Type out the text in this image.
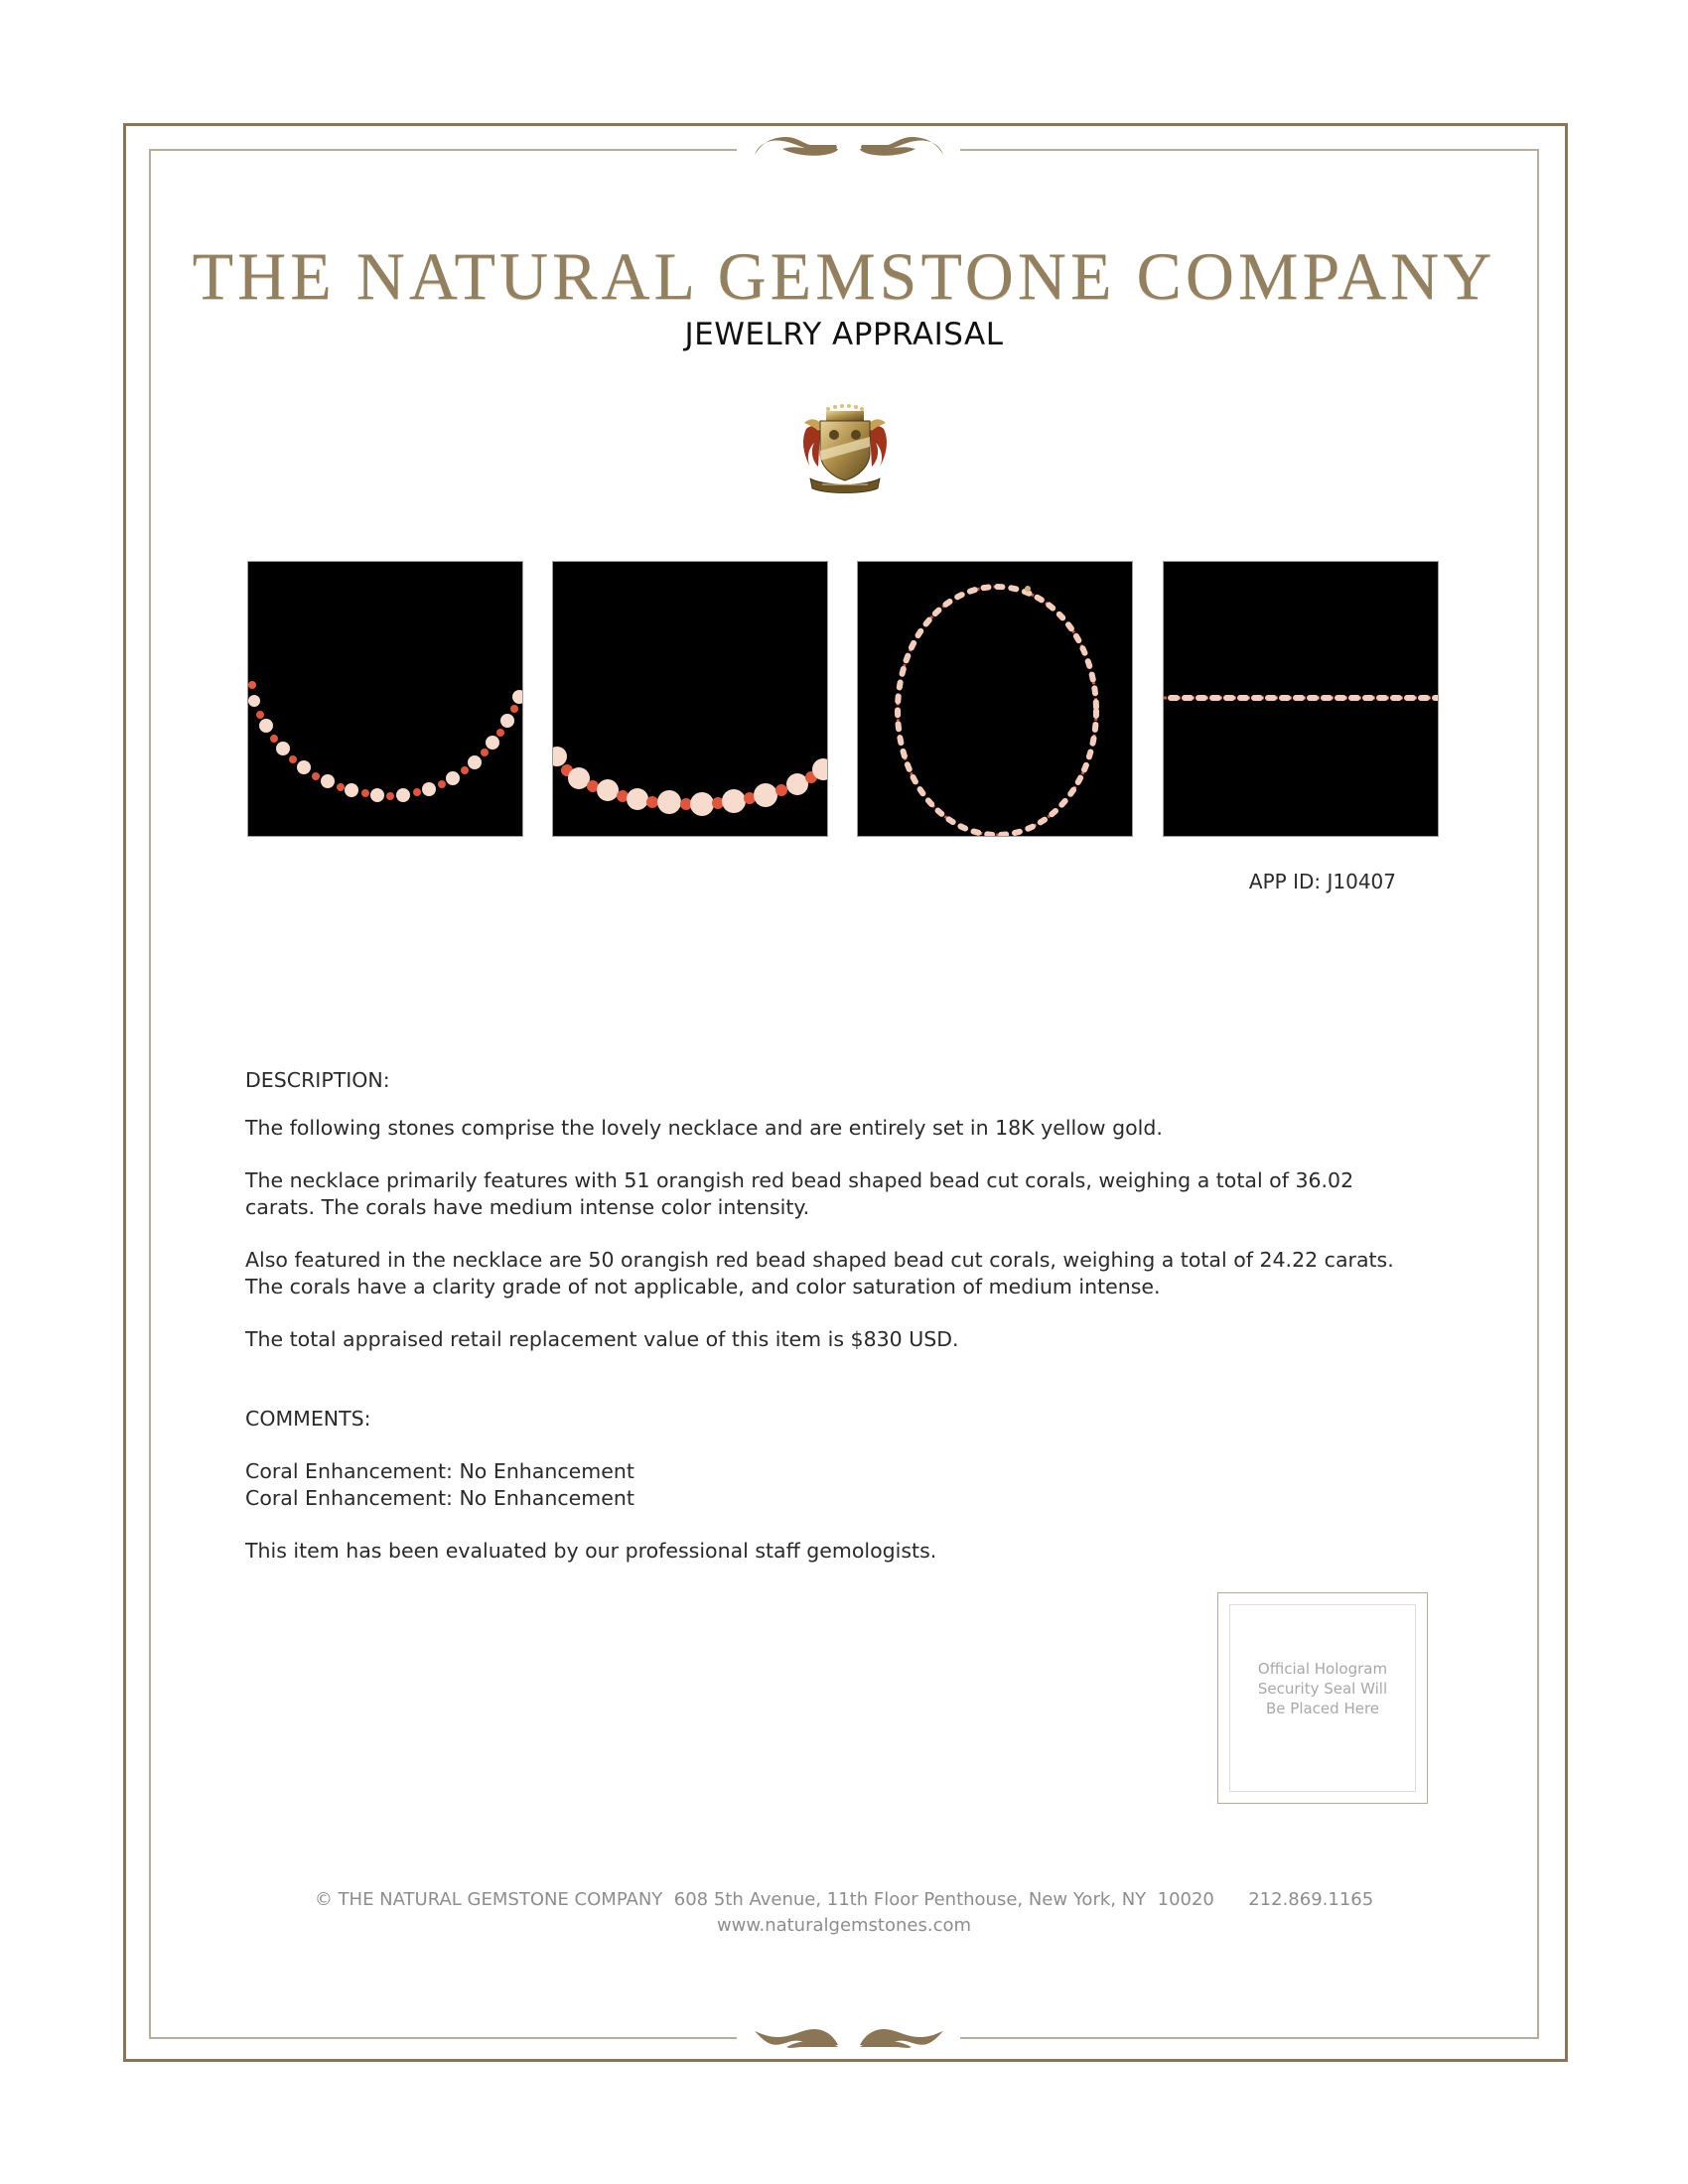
THE NATURAL GEMSTONE COMPANY
JEWELRY APPRAISAL
APP ID: J10407
DESCRIPTION:

The following stones comprise the lovely necklace and are entirely set in 18K yellow gold.

The necklace primarily features with 51 orangish red bead shaped bead cut corals, weighing a total of 36.02

carats. The corals have medium intense color intensity.

Also featured in the necklace are 50 orangish red bead shaped bead cut corals, weighing a total of 24.22 carats.

The corals have a clarity grade of not applicable, and color saturation of medium intense.

The total appraised retail replacement value of this item is $830 USD.

COMMENTS:

Coral Enhancement: No Enhancement

Coral Enhancement: No Enhancement

This item has been evaluated by our professional staff gemologists.
Official Hologram
Security Seal Will
Be Placed Here
© THE NATURAL GEMSTONE COMPANY  608 5th Avenue, 11th Floor Penthouse, New York, NY  10020      212.869.1165
www.naturalgemstones.com
